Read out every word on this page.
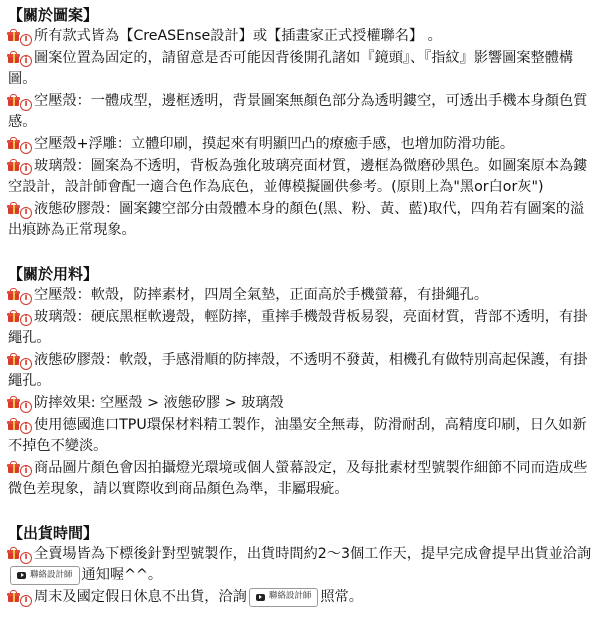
【關於圖案】

i 所有款式皆為【CreASEnse設計】或【插畫家正式授權聯名】 。

i 圖案位置為固定的，請留意是否可能因背後開孔諸如『鏡頭』、『指紋』影響圖案整體構圖。

i 空壓殼：一體成型，邊框透明，背景圖案無顏色部分為透明鏤空，可透出手機本身顏色質感。

i 空壓殼+浮雕：立體印刷，摸起來有明顯凹凸的療癒手感，也增加防滑功能。

i 玻璃殼：圖案為不透明，背板為強化玻璃亮面材質，邊框為微磨砂黑色。如圖案原本為鏤空設計，設計師會配一適合色作為底色，並傳模擬圖供參考。(原則上為"黑or白or灰")

i 液態矽膠殼：圖案鏤空部分由殼體本身的顏色(黑、粉、黃、藍)取代，四角若有圖案的溢出痕跡為正常現象。

【關於用料】

i 空壓殼：軟殼，防摔素材，四周全氣墊，正面高於手機螢幕，有掛繩孔。

i 玻璃殼：硬底黑框軟邊殼，輕防摔，重摔手機殼背板易裂，亮面材質，背部不透明，有掛繩孔。

i 液態矽膠殼：軟殼，手感滑順的防摔殼，不透明不發黃，相機孔有做特別高起保護，有掛繩孔。

i 防摔效果: 空壓殼 > 液態矽膠 > 玻璃殼

i 使用德國進口TPU環保材料精工製作，油墨安全無毒，防滑耐刮，高精度印刷，日久如新不掉色不變淡。

i 商品圖片顏色會因拍攝燈光環境或個人螢幕設定，及每批素材型號製作細節不同而造成些微色差現象，請以實際收到商品顏色為準，非屬瑕疵。

【出貨時間】

i 全賣場皆為下標後針對型號製作，出貨時間約2～3個工作天，提早完成會提早出貨並洽詢
聯絡設計師 通知喔^^。

i 周末及國定假日休息不出貨，洽詢	聯絡設計師 照常。
